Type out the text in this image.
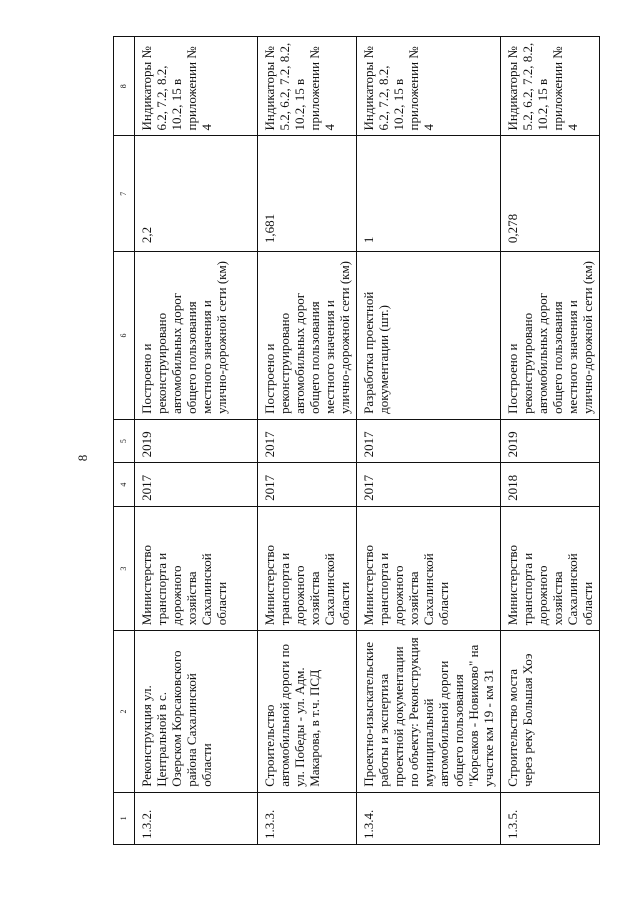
8
1	2	3	4	5	6	7	8
1.3.2.	Реконструкция ул. Центральной в с. Озерском Корсаковского района Сахалинской области	Министерство транспорта и дорожного хозяйства Сахалинской области	2017	2019	Построено и реконструировано автомобильных дорог общего пользования местного значения и улично-дорожной сети (км)	2,2	Индикаторы № 6.2, 7.2, 8.2, 10.2, 15 в приложении № 4
1.3.3.	Строительство автомобильной дороги по ул. Победы - ул. Адм. Макарова, в т.ч. ПСД	Министерство транспорта и дорожного хозяйства Сахалинской области	2017	2017	Построено и реконструировано автомобильных дорог общего пользования местного значения и улично-дорожной сети (км)	1,681	Индикаторы № 5.2, 6.2, 7.2, 8.2, 10.2, 15 в приложении № 4
1.3.4.	Проектно-изыскательские работы и экспертиза проектной документации по объекту: Реконструкция муниципальной автомобильной дороги общего пользования "Корсаков - Новиково" на участке км 19 - км 31	Министерство транспорта и дорожного хозяйства Сахалинской области	2017	2017	Разработка проектной документации (шт.)	1	Индикаторы № 6.2, 7.2, 8.2, 10.2, 15 в приложении № 4
1.3.5.	Строительство моста через реку Большая Хоэ	Министерство транспорта и дорожного хозяйства Сахалинской области	2018	2019	Построено и реконструировано автомобильных дорог общего пользования местного значения и улично-дорожной сети (км)	0,278	Индикаторы № 5.2, 6.2, 7.2, 8.2, 10.2, 15 в приложении № 4
